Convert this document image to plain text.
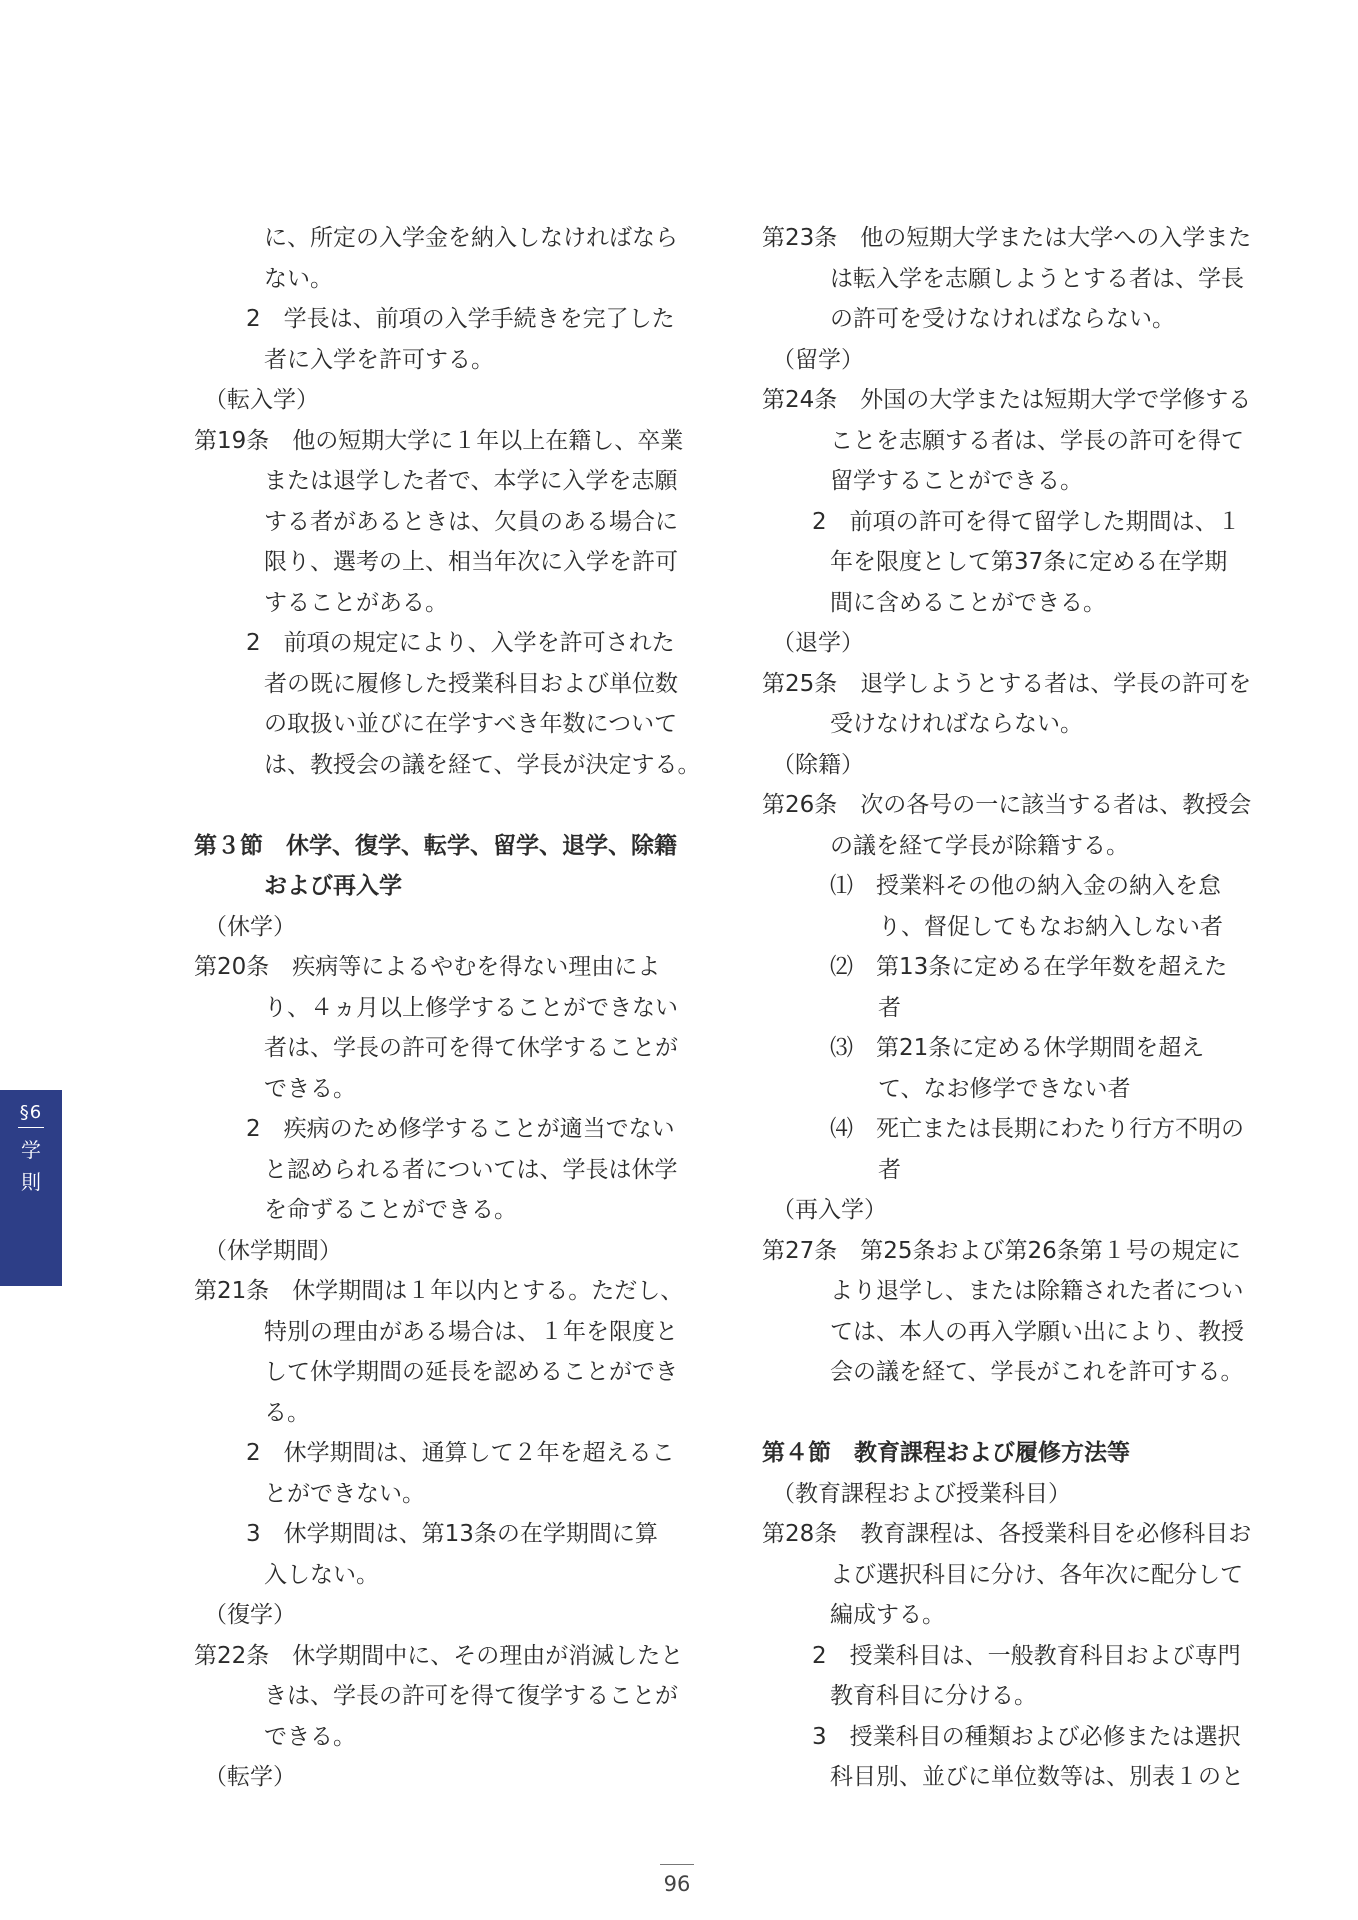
に、所定の入学金を納入しなければなら
ない。
2　学長は、前項の入学手続きを完了した
者に入学を許可する。
（転入学）
第19条　他の短期大学に１年以上在籍し、卒業
または退学した者で、本学に入学を志願
する者があるときは、欠員のある場合に
限り、選考の上、相当年次に入学を許可
することがある。
2　前項の規定により、入学を許可された
者の既に履修した授業科目および単位数
の取扱い並びに在学すべき年数について
は、教授会の議を経て、学長が決定する。
第３節　休学、復学、転学、留学、退学、除籍
および再入学
（休学）
第20条　疾病等によるやむを得ない理由によ
り、４ヵ月以上修学することができない
者は、学長の許可を得て休学することが
できる。
2　疾病のため修学することが適当でない
と認められる者については、学長は休学
を命ずることができる。
（休学期間）
第21条　休学期間は１年以内とする。ただし、
特別の理由がある場合は、１年を限度と
して休学期間の延長を認めることができ
る。
2　休学期間は、通算して２年を超えるこ
とができない。
3　休学期間は、第13条の在学期間に算
入しない。
（復学）
第22条　休学期間中に、その理由が消滅したと
きは、学長の許可を得て復学することが
できる。
（転学）
第23条　他の短期大学または大学への入学また
は転入学を志願しようとする者は、学長
の許可を受けなければならない。
（留学）
第24条　外国の大学または短期大学で学修する
ことを志願する者は、学長の許可を得て
留学することができる。
2　前項の許可を得て留学した期間は、１
年を限度として第37条に定める在学期
間に含めることができる。
（退学）
第25条　退学しようとする者は、学長の許可を
受けなければならない。
（除籍）
第26条　次の各号の一に該当する者は、教授会
の議を経て学長が除籍する。
⑴　授業料その他の納入金の納入を怠
り、督促してもなお納入しない者
⑵　第13条に定める在学年数を超えた
者
⑶　第21条に定める休学期間を超え
て、なお修学できない者
⑷　死亡または長期にわたり行方不明の
者
（再入学）
第27条　第25条および第26条第１号の規定に
より退学し、または除籍された者につい
ては、本人の再入学願い出により、教授
会の議を経て、学長がこれを許可する。
第４節　教育課程および履修方法等
（教育課程および授業科目）
第28条　教育課程は、各授業科目を必修科目お
よび選択科目に分け、各年次に配分して
編成する。
2　授業科目は、一般教育科目および専門
教育科目に分ける。
3　授業科目の種類および必修または選択
科目別、並びに単位数等は、別表１のと
§6
学
則
96
